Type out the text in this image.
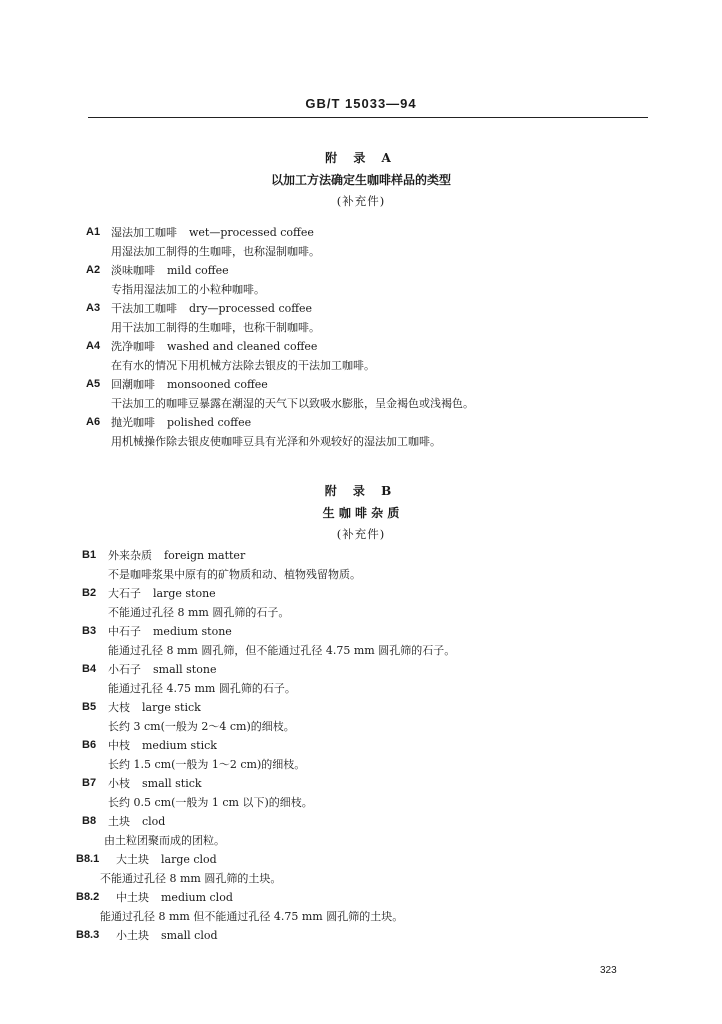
GB/T 15033—94
附 录 A
以加工方法确定生咖啡样品的类型
(补充件)
A1 湿法加工咖啡 wet—processed coffee
用湿法加工制得的生咖啡，也称湿制咖啡。
A2 淡味咖啡 mild coffee
专指用湿法加工的小粒种咖啡。
A3 干法加工咖啡 dry—processed coffee
用干法加工制得的生咖啡，也称干制咖啡。
A4 洗净咖啡 washed and cleaned coffee
在有水的情况下用机械方法除去银皮的干法加工咖啡。
A5 回潮咖啡 monsooned coffee
干法加工的咖啡豆暴露在潮湿的天气下以致吸水膨胀，呈金褐色或浅褐色。
A6 抛光咖啡 polished coffee
用机械操作除去银皮使咖啡豆具有光泽和外观较好的湿法加工咖啡。
附 录 B
生 咖 啡 杂 质
(补充件)
B1 外来杂质 foreign matter
不是咖啡浆果中原有的矿物质和动、植物残留物质。
B2 大石子 large stone
不能通过孔径 8 mm 圆孔筛的石子。
B3 中石子 medium stone
能通过孔径 8 mm 圆孔筛，但不能通过孔径 4.75 mm 圆孔筛的石子。
B4 小石子 small stone
能通过孔径 4.75 mm 圆孔筛的石子。
B5 大枝 large stick
长约 3 cm(一般为 2～4 cm)的细枝。
B6 中枝 medium stick
长约 1.5 cm(一般为 1～2 cm)的细枝。
B7 小枝 small stick
长约 0.5 cm(一般为 1 cm 以下)的细枝。
B8 土块 clod
由土粒团聚而成的团粒。
B8.1 大土块 large clod
不能通过孔径 8 mm 圆孔筛的土块。
B8.2 中土块 medium clod
能通过孔径 8 mm 但不能通过孔径 4.75 mm 圆孔筛的土块。
B8.3 小土块 small clod
323
